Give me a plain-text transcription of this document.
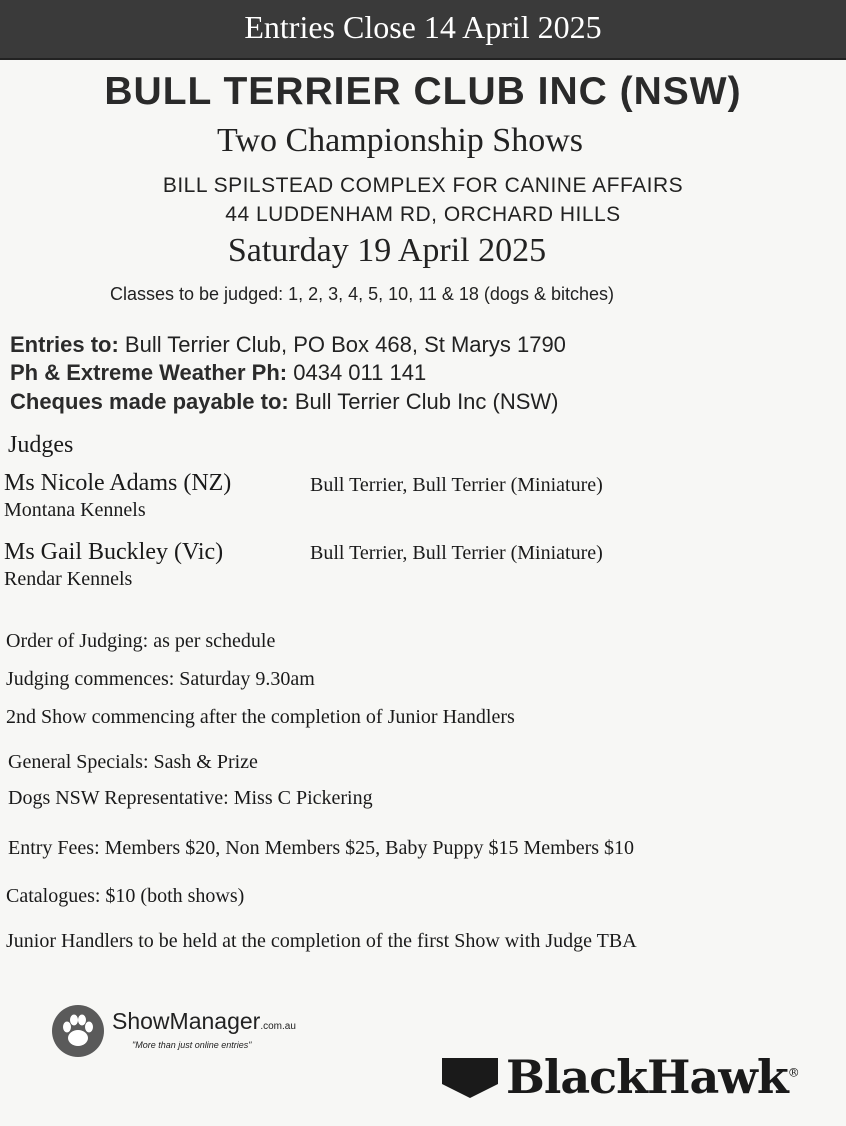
Entries Close 14 April 2025
BULL TERRIER CLUB INC (NSW)
Two Championship Shows
BILL SPILSTEAD COMPLEX FOR CANINE AFFAIRS
44 LUDDENHAM RD, ORCHARD HILLS
Saturday 19 April 2025
Classes to be judged: 1, 2, 3, 4, 5, 10, 11 & 18 (dogs & bitches)
Entries to: Bull Terrier Club, PO Box 468, St Marys 1790
Ph & Extreme Weather Ph: 0434 011 141
Cheques made payable to: Bull Terrier Club Inc (NSW)
Judges
Ms Nicole Adams (NZ)	Bull Terrier, Bull Terrier (Miniature)
Montana Kennels
Ms Gail Buckley (Vic)	Bull Terrier, Bull Terrier (Miniature)
Rendar Kennels
Order of Judging: as per schedule
Judging commences: Saturday 9.30am
2nd Show commencing after the completion of Junior Handlers
General Specials: Sash & Prize
Dogs NSW Representative: Miss C Pickering
Entry Fees: Members $20, Non Members $25, Baby Puppy $15 Members $10
Catalogues: $10 (both shows)
Junior Handlers to be held at the completion of the first Show with Judge TBA
ShowManager.com.au
"More than just online entries"
BlackHawk®
